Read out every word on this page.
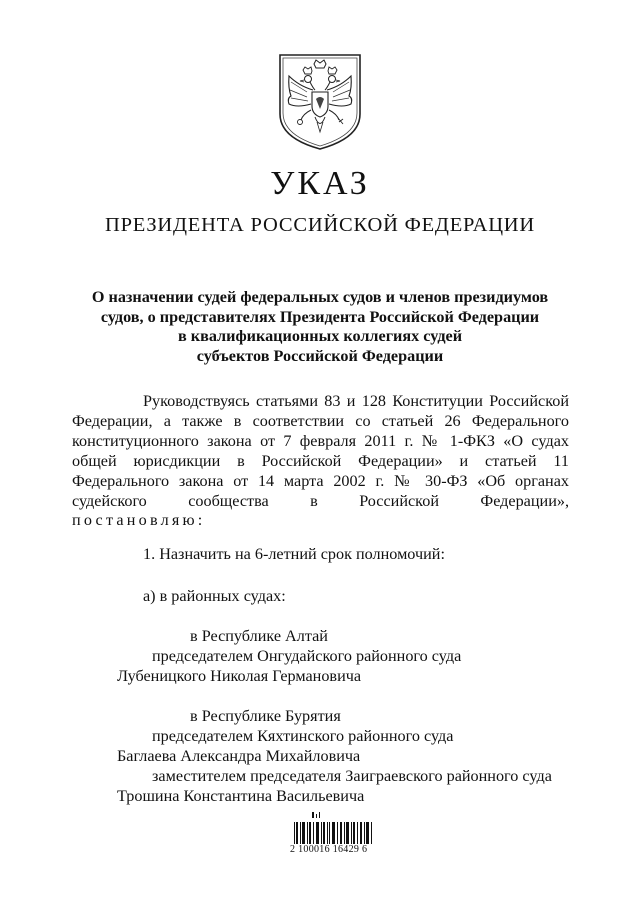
УКАЗ
ПРЕЗИДЕНТА РОССИЙСКОЙ ФЕДЕРАЦИИ
О назначении судей федеральных судов и членов президиумов
судов, о представителях Президента Российской Федерации
в квалификационных коллегиях судей
субъектов Российской Федерации
Руководствуясь статьями 83 и 128 Конституции Российской
Федерации, а также в соответствии со статьей 26 Федерального
конституционного закона от 7 февраля 2011 г. № 1-ФКЗ «О судах
общей юрисдикции в Российской Федерации» и статьей 11
Федерального закона от 14 марта 2002 г. № 30-ФЗ «Об органах
судейского сообщества в Российской Федерации»,
постановляю:
1. Назначить на 6-летний срок полномочий:
а) в районных судах:
в Республике Алтай
председателем Онгудайского районного суда
Лубеницкого Николая Германовича
в Республике Бурятия
председателем Кяхтинского районного суда
Баглаева Александра Михайловича
заместителем председателя Заиграевского районного суда
Трошина Константина Васильевича
2 100016 16429 6
